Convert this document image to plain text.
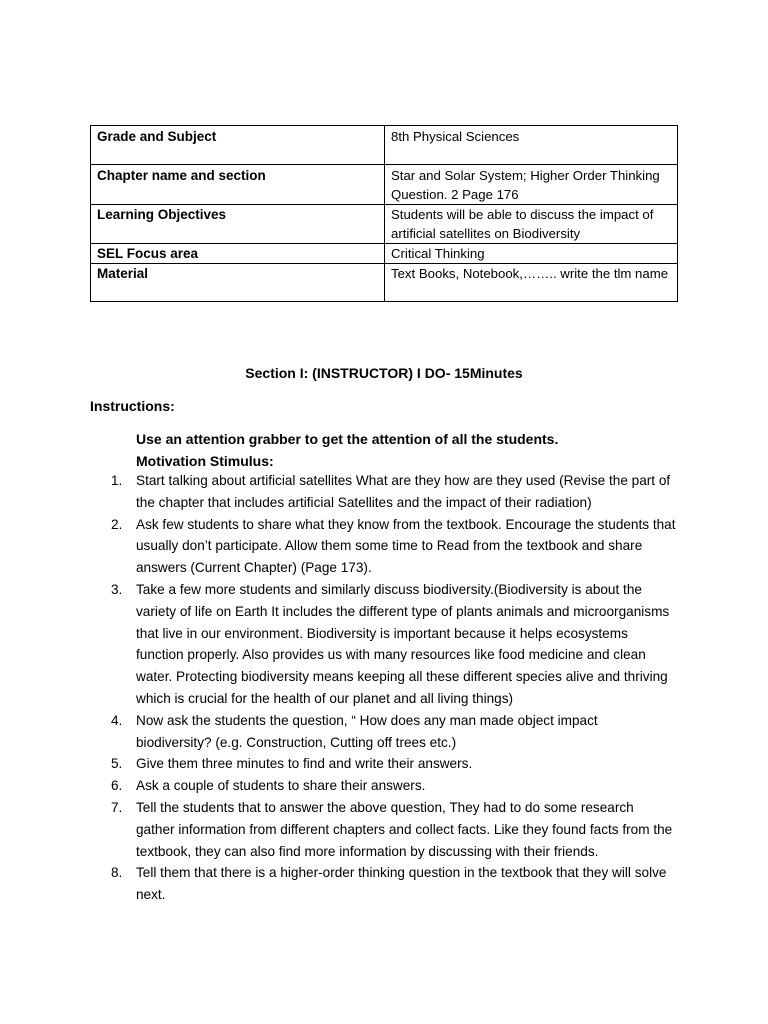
Grade and Subject	8th Physical Sciences
Chapter name and section	Star and Solar System; Higher Order Thinking Question. 2 Page 176
Learning Objectives	Students will be able to discuss the impact of artificial satellites on Biodiversity
SEL Focus area	Critical Thinking
Material	Text Books, Notebook,…….. write the tlm name
Section I: (INSTRUCTOR) I DO- 15Minutes
Instructions:
Use an attention grabber to get the attention of all the students.
Motivation Stimulus:
1.	Start talking about artificial satellites What are they how are they used (Revise the part of the chapter that includes artificial Satellites and the impact of their radiation)
2.	Ask few students to share what they know from the textbook. Encourage the students that usually don’t participate. Allow them some time to Read from the textbook and share answers (Current Chapter) (Page 173).
3.	Take a few more students and similarly discuss biodiversity.(Biodiversity is about the variety of life on Earth It includes the different type of plants animals and microorganisms that live in our environment. Biodiversity is important because it helps ecosystems function properly. Also provides us with many resources like food medicine and clean water. Protecting biodiversity means keeping all these different species alive and thriving which is crucial for the health of our planet and all living things)
4.	Now ask the students the question, “ How does any man made object impact biodiversity? (e.g. Construction, Cutting off trees etc.)
5.	Give them three minutes to find and write their answers.
6.	Ask a couple of students to share their answers.
7.	Tell the students that to answer the above question, They had to do some research gather information from different chapters and collect facts. Like they found facts from the textbook, they can also find more information by discussing with their friends.
8.	Tell them that there is a higher-order thinking question in the textbook that they will solve next.
